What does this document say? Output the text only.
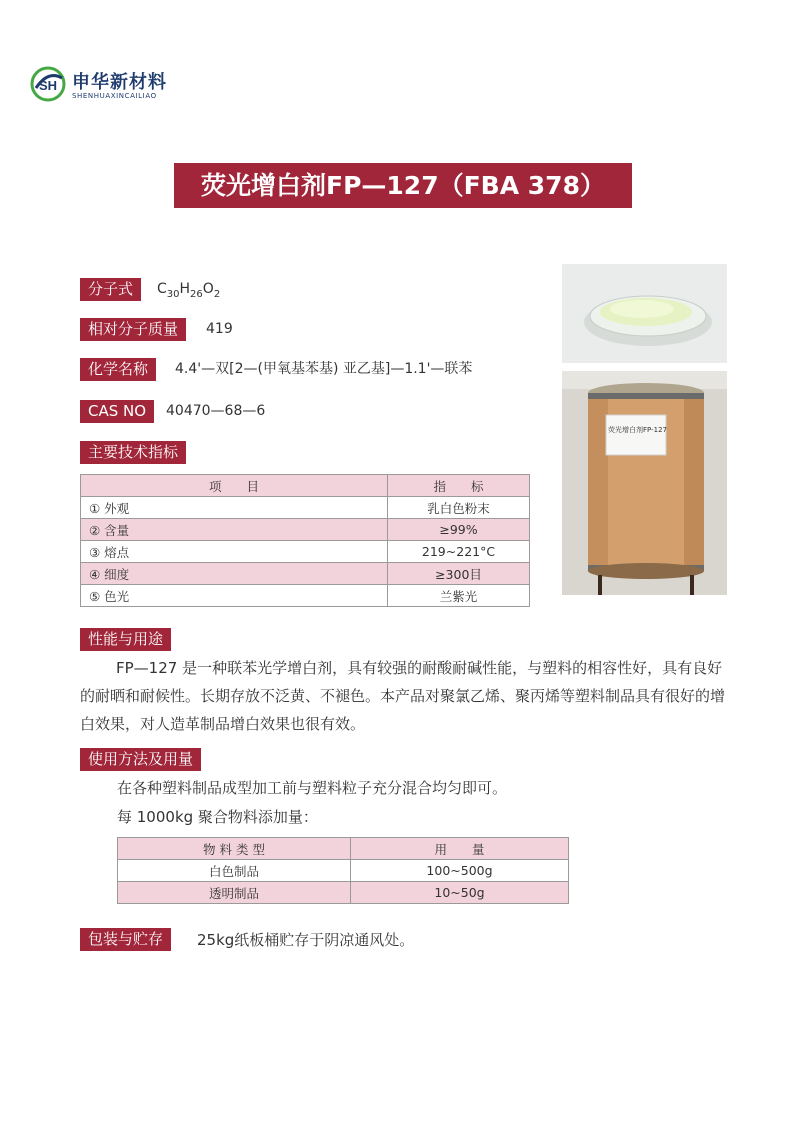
SH 申华新材料
SHENHUAXINCAILIAO
荧光增白剂FP—127（FBA 378）
分子式	$C_{30}H_{26}O_2$
相对分子质量	419
化学名称	4.4'—双[2—(甲氧基苯基) 亚乙基]—1.1'—联苯
CAS NO	40470—68—6
主要技术指标
项　　目	指　　标
① 外观	乳白色粉末
② 含量	≥99%
③ 熔点	219~221°C
④ 细度	≥300目
⑤ 色光	兰紫光
荧光增白剂FP-127
性能与用途
FP—127 是一种联苯光学增白剂，具有较强的耐酸耐碱性能，与塑料的相容性好，具有良好的耐晒和耐候性。长期存放不泛黄、不褪色。本产品对聚氯乙烯、聚丙烯等塑料制品具有很好的增白效果，对人造革制品增白效果也很有效。
使用方法及用量
在各种塑料制品成型加工前与塑料粒子充分混合均匀即可。
每 1000kg 聚合物料添加量：
物 料 类 型	用　　量
白色制品	100~500g
透明制品	10~50g
包装与贮存	25kg纸板桶贮存于阴凉通风处。
